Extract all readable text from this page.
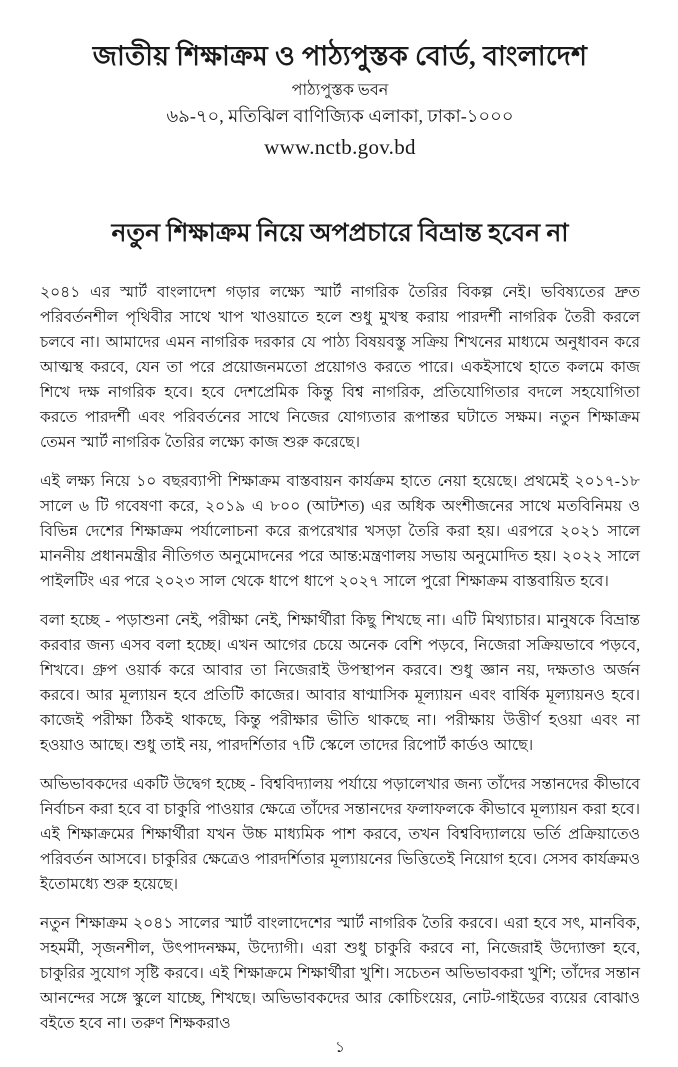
জাতীয় শিক্ষাক্রম ও পাঠ্যপুস্তক বোর্ড, বাংলাদেশ
পাঠ্যপুস্তক ভবন
৬৯-৭০, মতিঝিল বাণিজ্যিক এলাকা, ঢাকা-১০০০
www.nctb.gov.bd
নতুন শিক্ষাক্রম নিয়ে অপপ্রচারে বিভ্রান্ত হবেন না

২০৪১ এর স্মার্ট বাংলাদেশ গড়ার লক্ষ্যে স্মার্ট নাগরিক তৈরির বিকল্প নেই। ভবিষ্যতের দ্রুত পরিবর্তনশীল পৃথিবীর সাথে খাপ খাওয়াতে হলে শুধু মুখস্থ করায় পারদর্শী নাগরিক তৈরী করলে চলবে না। আমাদের এমন নাগরিক দরকার যে পাঠ্য বিষয়বস্তু সক্রিয় শিখনের মাধ্যমে অনুধাবন করে আত্মস্থ করবে, যেন তা পরে প্রয়োজনমতো প্রয়োগও করতে পারে। একইসাথে হাতে কলমে কাজ শিখে দক্ষ নাগরিক হবে। হবে দেশপ্রেমিক কিন্তু বিশ্ব নাগরিক, প্রতিযোগিতার বদলে সহযোগিতা করতে পারদর্শী এবং পরিবর্তনের সাথে নিজের যোগ্যতার রূপান্তর ঘটাতে সক্ষম। নতুন শিক্ষাক্রম তেমন স্মার্ট নাগরিক তৈরির লক্ষ্যে কাজ শুরু করেছে।

এই লক্ষ্য নিয়ে ১০ বছরব্যাপী শিক্ষাক্রম বাস্তবায়ন কার্যক্রম হাতে নেয়া হয়েছে। প্রথমেই ২০১৭-১৮ সালে ৬ টি গবেষণা করে, ২০১৯ এ ৮০০ (আটশত) এর অধিক অংশীজনের সাথে মতবিনিময় ও বিভিন্ন দেশের শিক্ষাক্রম পর্যালোচনা করে রূপরেখার খসড়া তৈরি করা হয়। এরপরে ২০২১ সালে মাননীয় প্রধানমন্ত্রীর নীতিগত অনুমোদনের পরে আন্ত:মন্ত্রণালয় সভায় অনুমোদিত হয়। ২০২২ সালে পাইলটিং এর পরে ২০২৩ সাল থেকে ধাপে ধাপে ২০২৭ সালে পুরো শিক্ষাক্রম বাস্তবায়িত হবে।

বলা হচ্ছে - পড়াশুনা নেই, পরীক্ষা নেই, শিক্ষার্থীরা কিছু শিখছে না। এটি মিথ্যাচার। মানুষকে বিভ্রান্ত করবার জন্য এসব বলা হচ্ছে। এখন আগের চেয়ে অনেক বেশি পড়বে, নিজেরা সক্রিয়ভাবে পড়বে, শিখবে। গ্রুপ ওয়ার্ক করে আবার তা নিজেরাই উপস্থাপন করবে। শুধু জ্ঞান নয়, দক্ষতাও অর্জন করবে। আর মূল্যায়ন হবে প্রতিটি কাজের। আবার ষাণ্মাসিক মূল্যায়ন এবং বার্ষিক মূল্যায়নও হবে। কাজেই পরীক্ষা ঠিকই থাকছে, কিন্তু পরীক্ষার ভীতি থাকছে না। পরীক্ষায় উত্তীর্ণ হওয়া এবং না হওয়াও আছে। শুধু তাই নয়, পারদর্শিতার ৭টি স্কেলে তাদের রিপোর্ট কার্ডও আছে।

অভিভাবকদের একটি উদ্বেগ হচ্ছে - বিশ্ববিদ্যালয় পর্যায়ে পড়ালেখার জন্য তাঁদের সন্তানদের কীভাবে নির্বাচন করা হবে বা চাকুরি পাওয়ার ক্ষেত্রে তাঁদের সন্তানদের ফলাফলকে কীভাবে মূল্যায়ন করা হবে। এই শিক্ষাক্রমের শিক্ষার্থীরা যখন উচ্চ মাধ্যমিক পাশ করবে, তখন বিশ্ববিদ্যালয়ে ভর্তি প্রক্রিয়াতেও পরিবর্তন আসবে। চাকুরির ক্ষেত্রেও পারদর্শিতার মূল্যায়নের ভিত্তিতেই নিয়োগ হবে। সেসব কার্যক্রমও ইতোমধ্যে শুরু হয়েছে।

নতুন শিক্ষাক্রম ২০৪১ সালের স্মার্ট বাংলাদেশের স্মার্ট নাগরিক তৈরি করবে। এরা হবে সৎ, মানবিক, সহমর্মী, সৃজনশীল, উৎপাদনক্ষম, উদ্যোগী। এরা শুধু চাকুরি করবে না, নিজেরাই উদ্যোক্তা হবে, চাকুরির সুযোগ সৃষ্টি করবে। এই শিক্ষাক্রমে শিক্ষার্থীরা খুশি। সচেতন অভিভাবকরা খুশি; তাঁদের সন্তান আনন্দের সঙ্গে স্কুলে যাচ্ছে, শিখছে। অভিভাবকদের আর কোচিংয়ের, নোট-গাইডের ব্যয়ের বোঝাও বইতে হবে না। তরুণ শিক্ষকরাও

১
